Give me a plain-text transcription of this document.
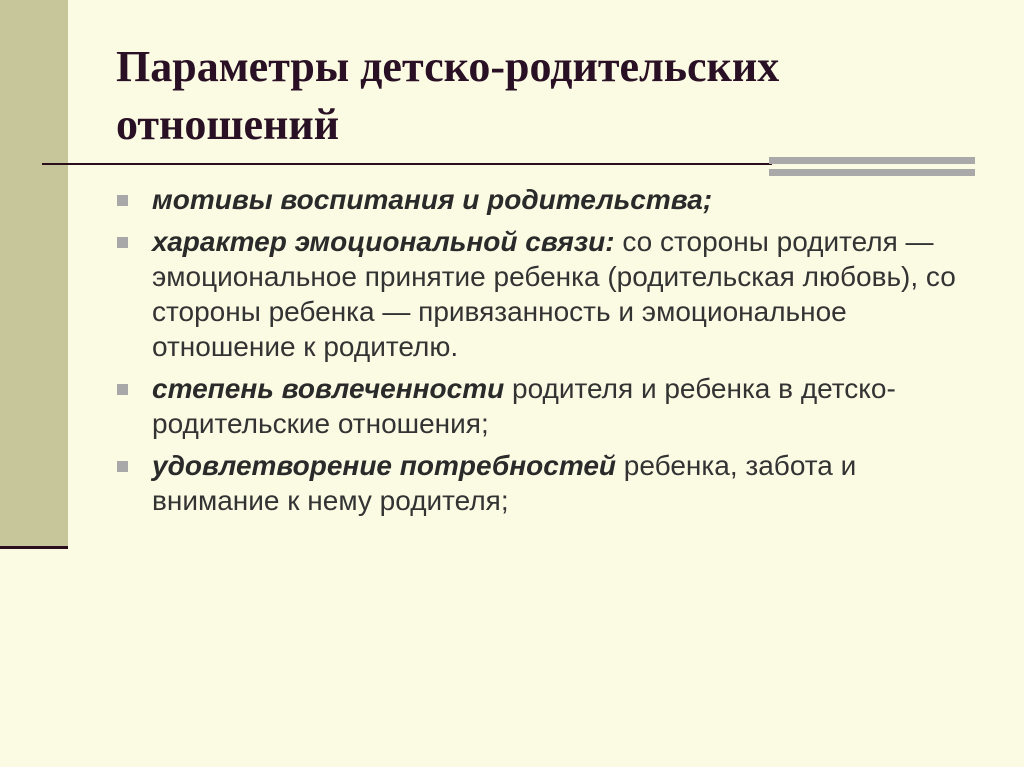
Параметры детско-родительских отношений
мотивы воспитания и родительства;
характер эмоциональной связи: со стороны родителя — эмоциональное принятие ребенка (родительская любовь), со стороны ребенка — привязанность и эмоциональное отношение к родителю.
степень вовлеченности родителя и ребенка в детско-родительские отношения;
удовлетворение потребностей ребенка, забота и внимание к нему родителя;
